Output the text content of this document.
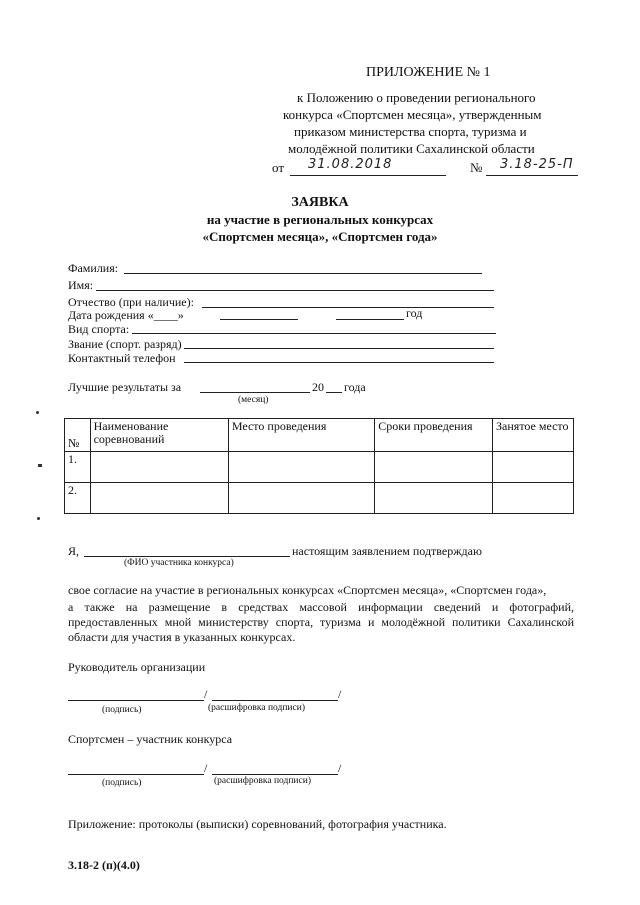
ПРИЛОЖЕНИЕ № 1
к Положению о проведении регионального
конкурса «Спортсмен месяца», утвержденным
приказом министерства спорта, туризма и
молодёжной политики Сахалинской области
от 31.08.2018	№ 3.18-25-П
ЗАЯВКА
на участие в региональных конкурсах
«Спортсмен месяца», «Спортсмен года»
Фамилия:
Имя:
Отчество (при наличие):
Дата рождения «____»	год
Вид спорта:
Звание (спорт. разряд)
Контактный телефон
Лучшие результаты за	20 года
(месяц)
№	Наименование соревнований	Место проведения	Сроки проведения	Занятое место
1.				
2.				
Я,	настоящим заявлением подтверждаю
(ФИО участника конкурса)
свое согласие на участие в региональных конкурсах «Спортсмен месяца», «Спортсмен года»,
а также на размещение в средствах массовой информации сведений и фотографий,
предоставленных мной министерству спорта, туризма и молодёжной политики Сахалинской
области для участия в указанных конкурсах.
Руководитель организации
/	/
(подпись)	(расшифровка подписи)
Спортсмен – участник конкурса
/	/
(подпись)	(расшифровка подписи)
Приложение: протоколы (выписки) соревнований, фотография участника.
3.18-2 (п)(4.0)
